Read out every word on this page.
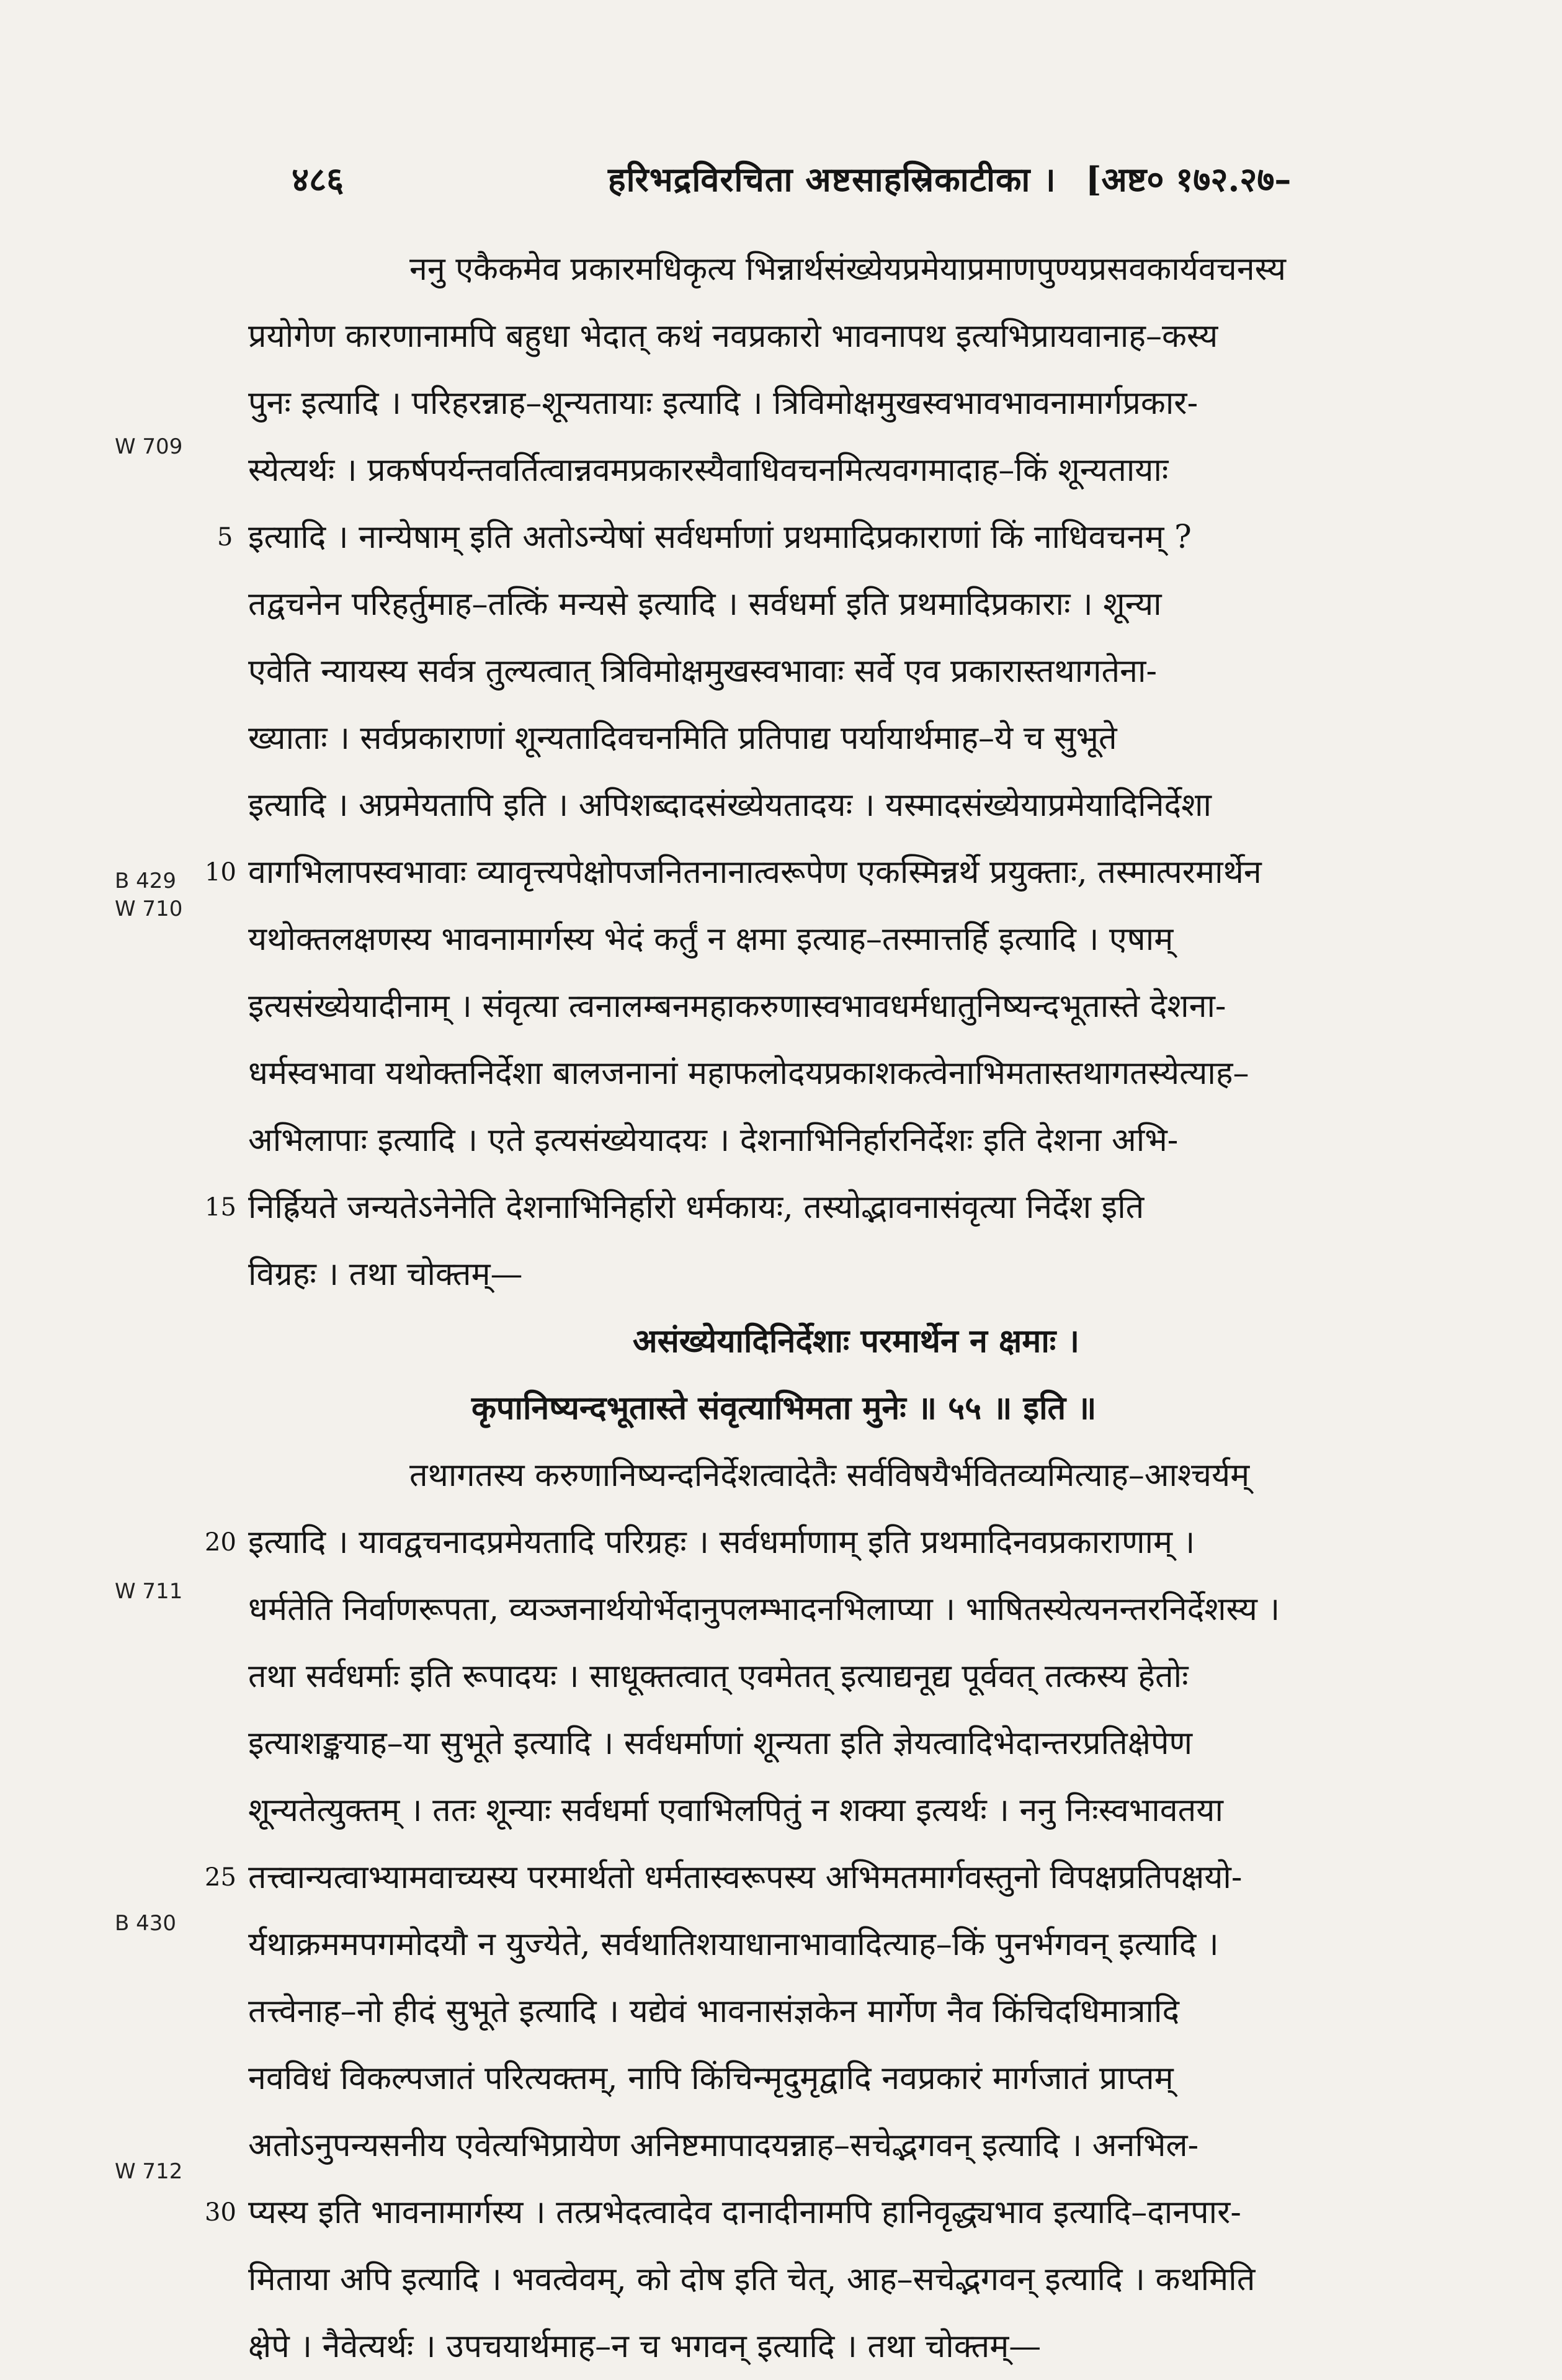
४८६	हरिभद्रविरचिता अष्टसाहस्रिकाटीका । [अष्ट० १७२.२७–
W 709
B 429
W 710
W 711
B 430
W 712
ननु एकैकमेव प्रकारमधिकृत्य भिन्नार्थसंख्येयप्रमेयाप्रमाणपुण्यप्रसवकार्यवचनस्य
प्रयोगेण कारणानामपि बहुधा भेदात् कथं नवप्रकारो भावनापथ इत्यभिप्रायवानाह–कस्य
पुनः इत्यादि । परिहरन्नाह–शून्यतायाः इत्यादि । त्रिविमोक्षमुखस्वभावभावनामार्गप्रकार-
स्येत्यर्थः । प्रकर्षपर्यन्तवर्तित्वान्नवमप्रकारस्यैवाधिवचनमित्यवगमादाह–किं शून्यतायाः
5 इत्यादि । नान्येषाम् इति अतोऽन्येषां सर्वधर्माणां प्रथमादिप्रकाराणां किं नाधिवचनम् ?
तद्वचनेन परिहर्तुमाह–तत्किं मन्यसे इत्यादि । सर्वधर्मा इति प्रथमादिप्रकाराः । शून्या
एवेति न्यायस्य सर्वत्र तुल्यत्वात् त्रिविमोक्षमुखस्वभावाः सर्वे एव प्रकारास्तथागतेना-
ख्याताः । सर्वप्रकाराणां शून्यतादिवचनमिति प्रतिपाद्य पर्यायार्थमाह–ये च सुभूते
इत्यादि । अप्रमेयतापि इति । अपिशब्दादसंख्येयतादयः । यस्मादसंख्येयाप्रमेयादिनिर्देशा
10 वागभिलापस्वभावाः व्यावृत्त्यपेक्षोपजनितनानात्वरूपेण एकस्मिन्नर्थे प्रयुक्ताः, तस्मात्परमार्थेन
यथोक्तलक्षणस्य भावनामार्गस्य भेदं कर्तुं न क्षमा इत्याह–तस्मात्तर्हि इत्यादि । एषाम्
इत्यसंख्येयादीनाम् । संवृत्या त्वनालम्बनमहाकरुणास्वभावधर्मधातुनिष्यन्दभूतास्ते देशना-
धर्मस्वभावा यथोक्तनिर्देशा बालजनानां महाफलोदयप्रकाशकत्वेनाभिमतास्तथागतस्येत्याह–
अभिलापाः इत्यादि । एते इत्यसंख्येयादयः । देशनाभिनिर्हारनिर्देशः इति देशना अभि-
15 निर्ह्रियते जन्यतेऽनेनेति देशनाभिनिर्हारो धर्मकायः, तस्योद्भावनासंवृत्या निर्देश इति
विग्रहः । तथा चोक्तम्—
असंख्येयादिनिर्देशाः परमार्थेन न क्षमाः ।
कृपानिष्यन्दभूतास्ते संवृत्याभिमता मुनेः ॥ ५५ ॥ इति ॥
तथागतस्य करुणानिष्यन्दनिर्देशत्वादेतैः सर्वविषयैर्भवितव्यमित्याह–आश्चर्यम्
20 इत्यादि । यावद्वचनादप्रमेयतादि परिग्रहः । सर्वधर्माणाम् इति प्रथमादिनवप्रकाराणाम् ।
धर्मतेति निर्वाणरूपता, व्यञ्जनार्थयोर्भेदानुपलम्भादनभिलाप्या । भाषितस्येत्यनन्तरनिर्देशस्य ।
तथा सर्वधर्माः इति रूपादयः । साधूक्तत्वात् एवमेतत् इत्याद्यनूद्य पूर्ववत् तत्कस्य हेतोः
इत्याशङ्कयाह–या सुभूते इत्यादि । सर्वधर्माणां शून्यता इति ज्ञेयत्वादिभेदान्तरप्रतिक्षेपेण
शून्यतेत्युक्तम् । ततः शून्याः सर्वधर्मा एवाभिलपितुं न शक्या इत्यर्थः । ननु निःस्वभावतया
25 तत्त्वान्यत्वाभ्यामवाच्यस्य परमार्थतो धर्मतास्वरूपस्य अभिमतमार्गवस्तुनो विपक्षप्रतिपक्षयो-
र्यथाक्रममपगमोदयौ न युज्येते, सर्वथातिशयाधानाभावादित्याह–किं पुनर्भगवन् इत्यादि ।
तत्त्वेनाह–नो हीदं सुभूते इत्यादि । यद्येवं भावनासंज्ञकेन मार्गेण नैव किंचिदधिमात्रादि
नवविधं विकल्पजातं परित्यक्तम्, नापि किंचिन्मृदुमृद्वादि नवप्रकारं मार्गजातं प्राप्तम्
अतोऽनुपन्यसनीय एवेत्यभिप्रायेण अनिष्टमापादयन्नाह–सचेद्भगवन् इत्यादि । अनभिल-
30 प्यस्य इति भावनामार्गस्य । तत्प्रभेदत्वादेव दानादीनामपि हानिवृद्ध्यभाव इत्यादि–दानपार-
मिताया अपि इत्यादि । भवत्वेवम्, को दोष इति चेत्, आह–सचेद्भगवन् इत्यादि । कथमिति
क्षेपे । नैवेत्यर्थः । उपचयार्थमाह–न च भगवन् इत्यादि । तथा चोक्तम्—
